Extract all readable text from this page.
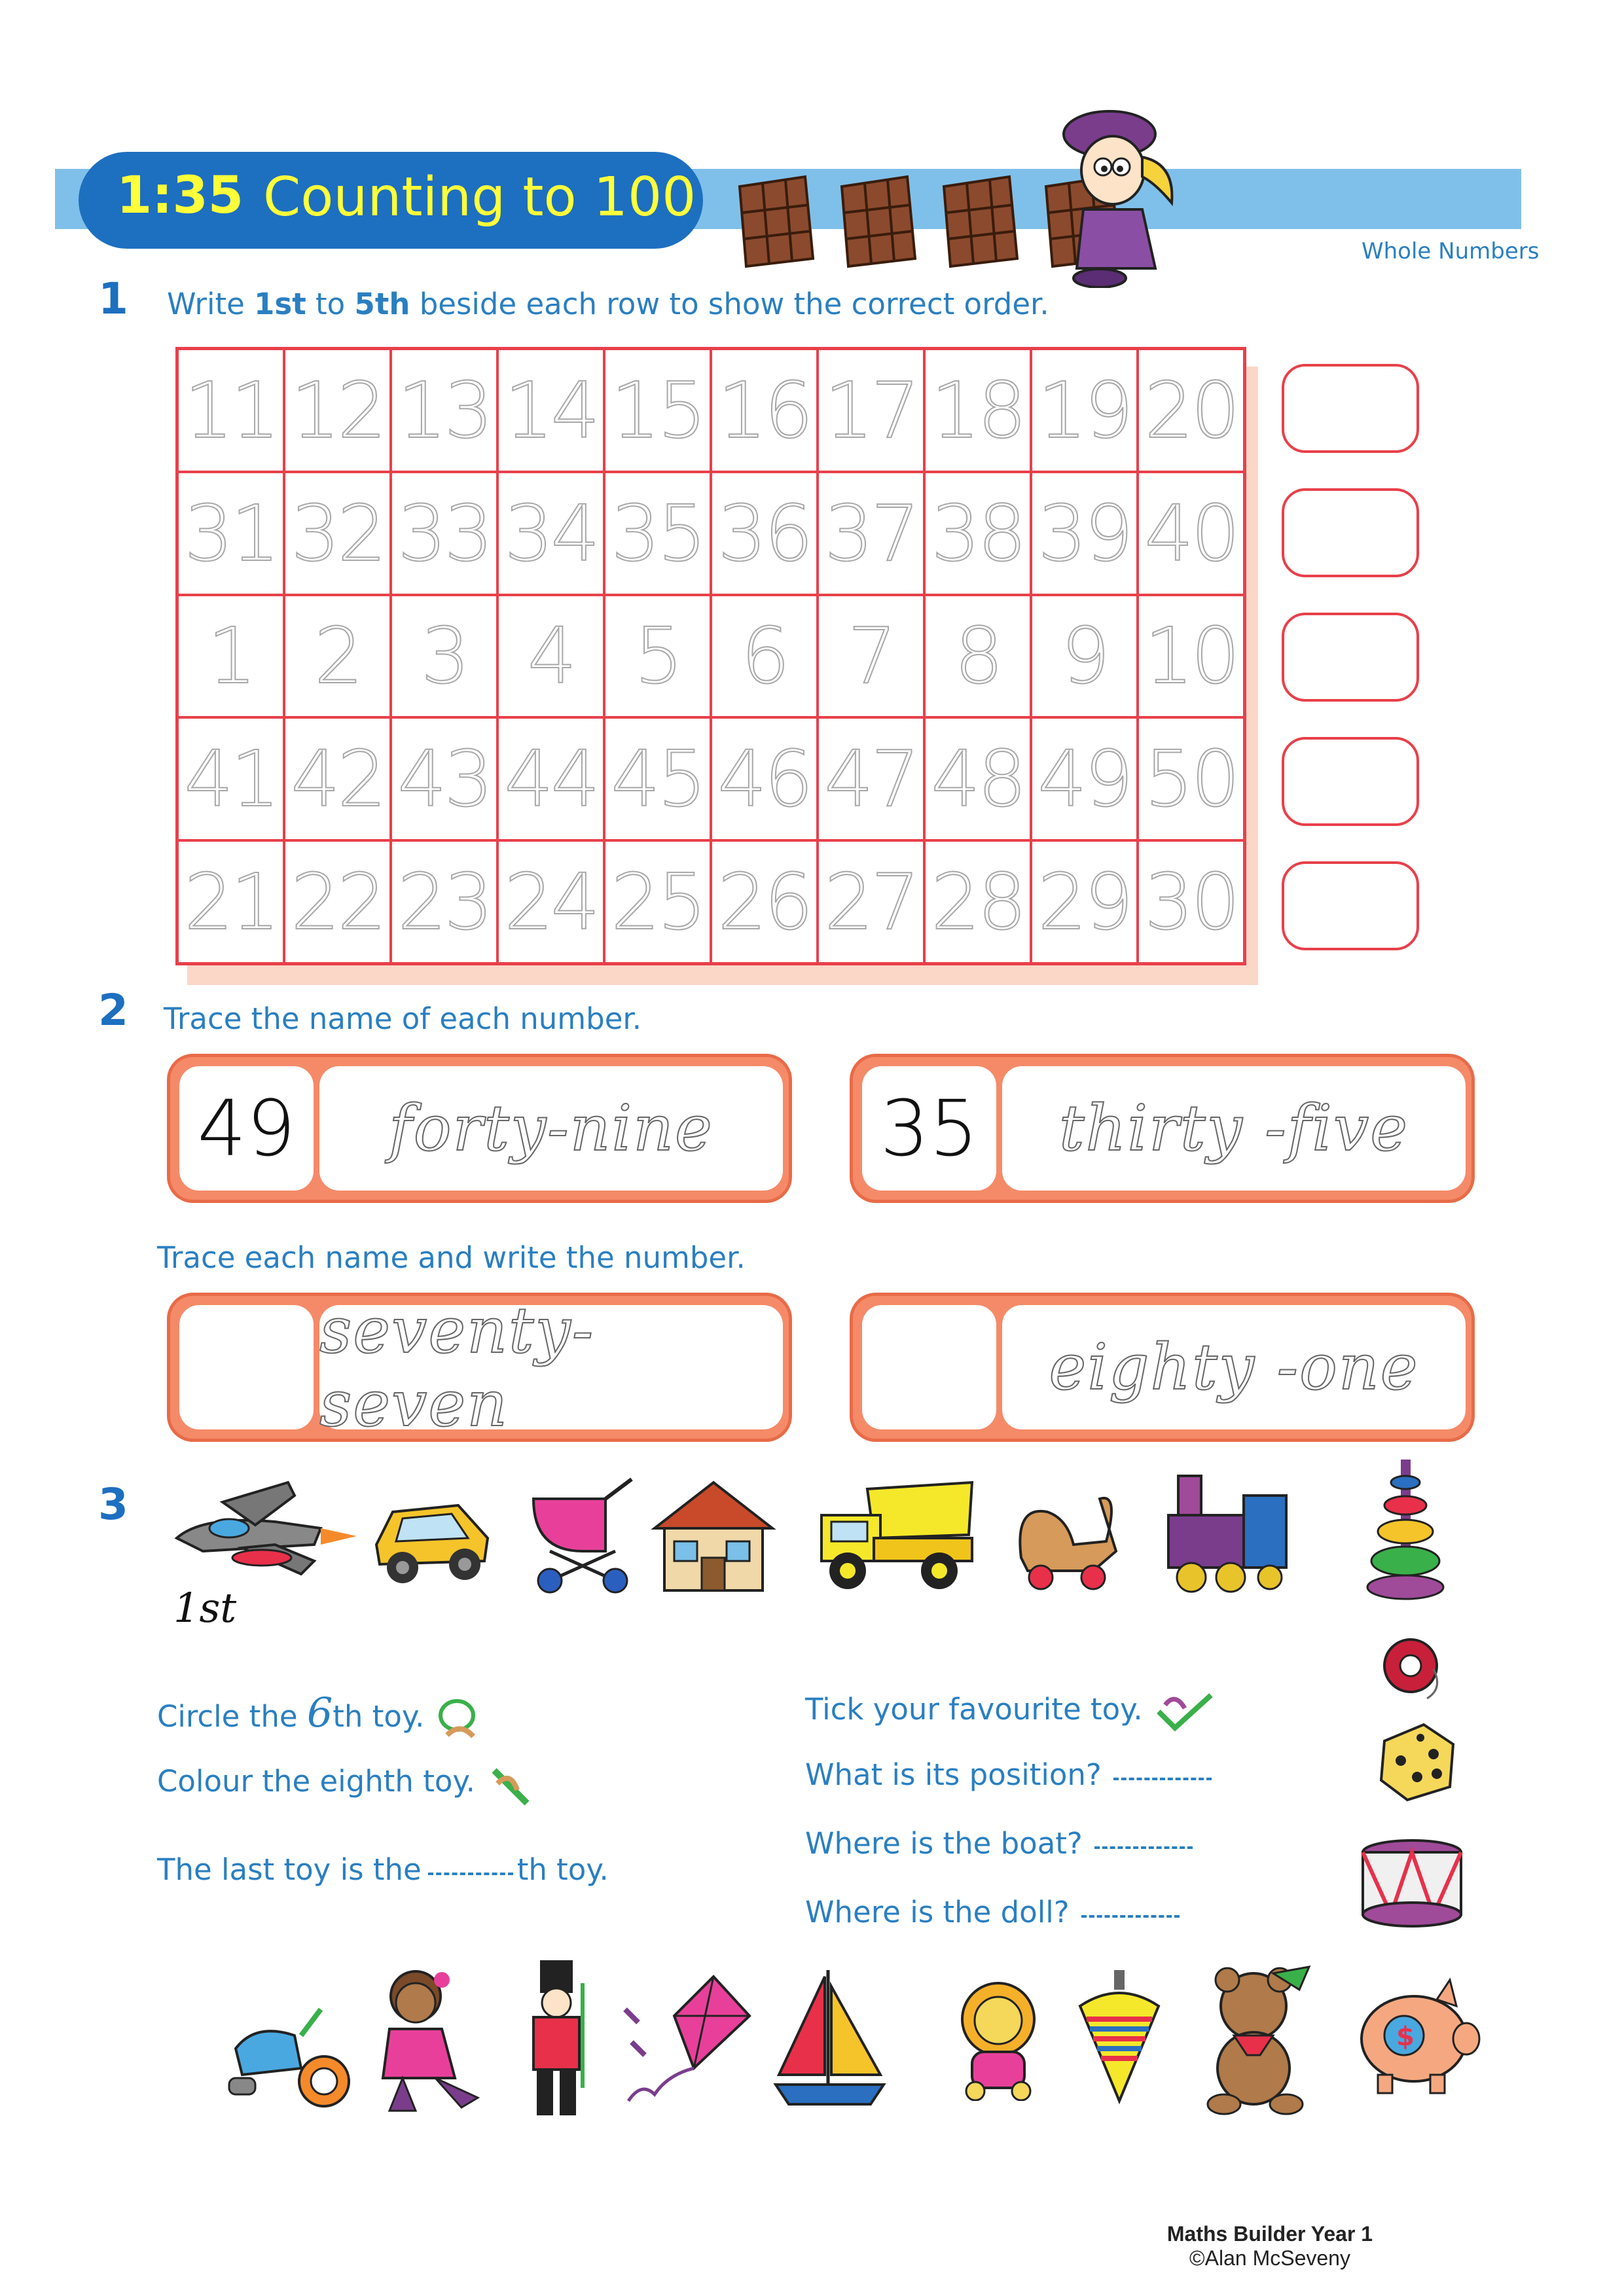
1:35 Counting to 100
Whole Numbers
1 Write 1st to 5th beside each row to show the correct order.
11 12 13 14 15 16 17 18 19 20
31 32 33 34 35 36 37 38 39 40
1 2 3 4 5 6 7 8 9 10
41 42 43 44 45 46 47 48 49 50
21 22 23 24 25 26 27 28 29 30
2 Trace the name of each number.
49	forty-nine	35	thirty -five
Trace each name and write the number.
seventy-seven	eighty -one
3
1st
Circle the 6th toy.
Colour the eighth toy.
The last toy is the	th toy.
Tick your favourite toy.
What is its position?
Where is the boat?
Where is the doll?
$
Maths Builder Year 1
©Alan McSeveny
